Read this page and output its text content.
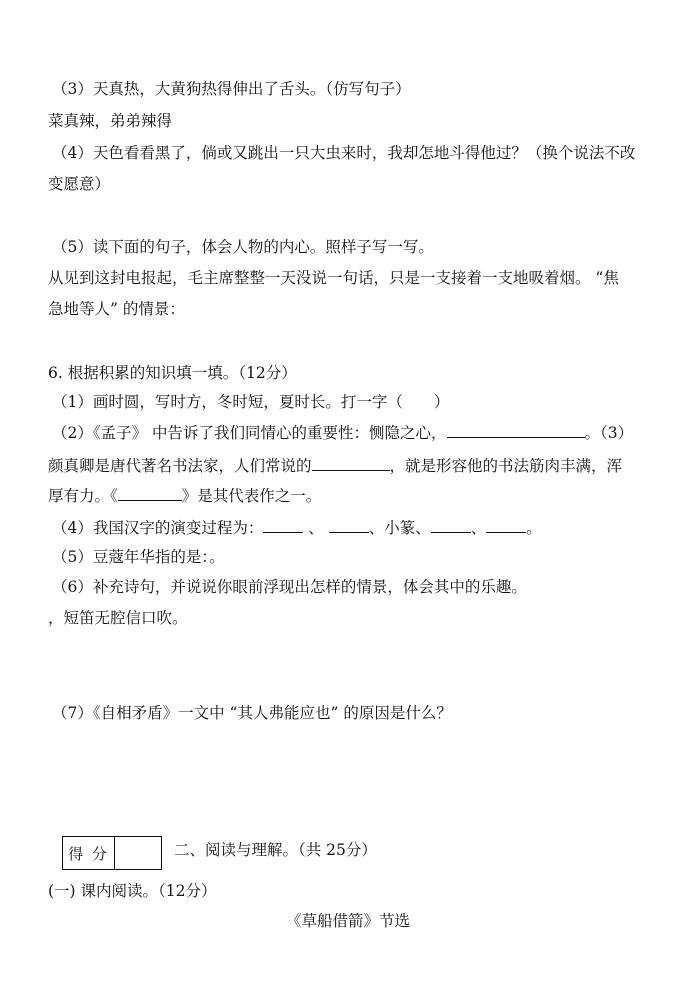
（3）天真热，大黄狗热得伸出了舌头。（仿写句子）
菜真辣，弟弟辣得
（4）天色看看黑了，倘或又跳出一只大虫来时，我却怎地斗得他过？（换个说法不改
变愿意）
（5）读下面的句子，体会人物的内心。照样子写一写。
从见到这封电报起，毛主席整整一天没说一句话，只是一支接着一支地吸着烟。 “焦
急地等人” 的情景：
6. 根据积累的知识填一填。（12分）
（1）画时圆，写时方，冬时短，夏时长。打一字（　　）
（2）《孟子》 中告诉了我们同情心的重要性：恻隐之心，	。（3）
颜真卿是唐代著名书法家，人们常说的	，就是形容他的书法筋肉丰满，浑
厚有力。《	》是其代表作之一。
（4）我国汉字的演变过程为：	、	、小篆、	、	。
（5）豆蔻年华指的是：。
（6）补充诗句，并说说你眼前浮现出怎样的情景，体会其中的乐趣。
，短笛无腔信口吹。
（7）《自相矛盾》一文中 “其人弗能应也” 的原因是什么？
得 分	二、阅读与理解。（共 25分）
(一) 课内阅读。（12分）
《草船借箭》节选
